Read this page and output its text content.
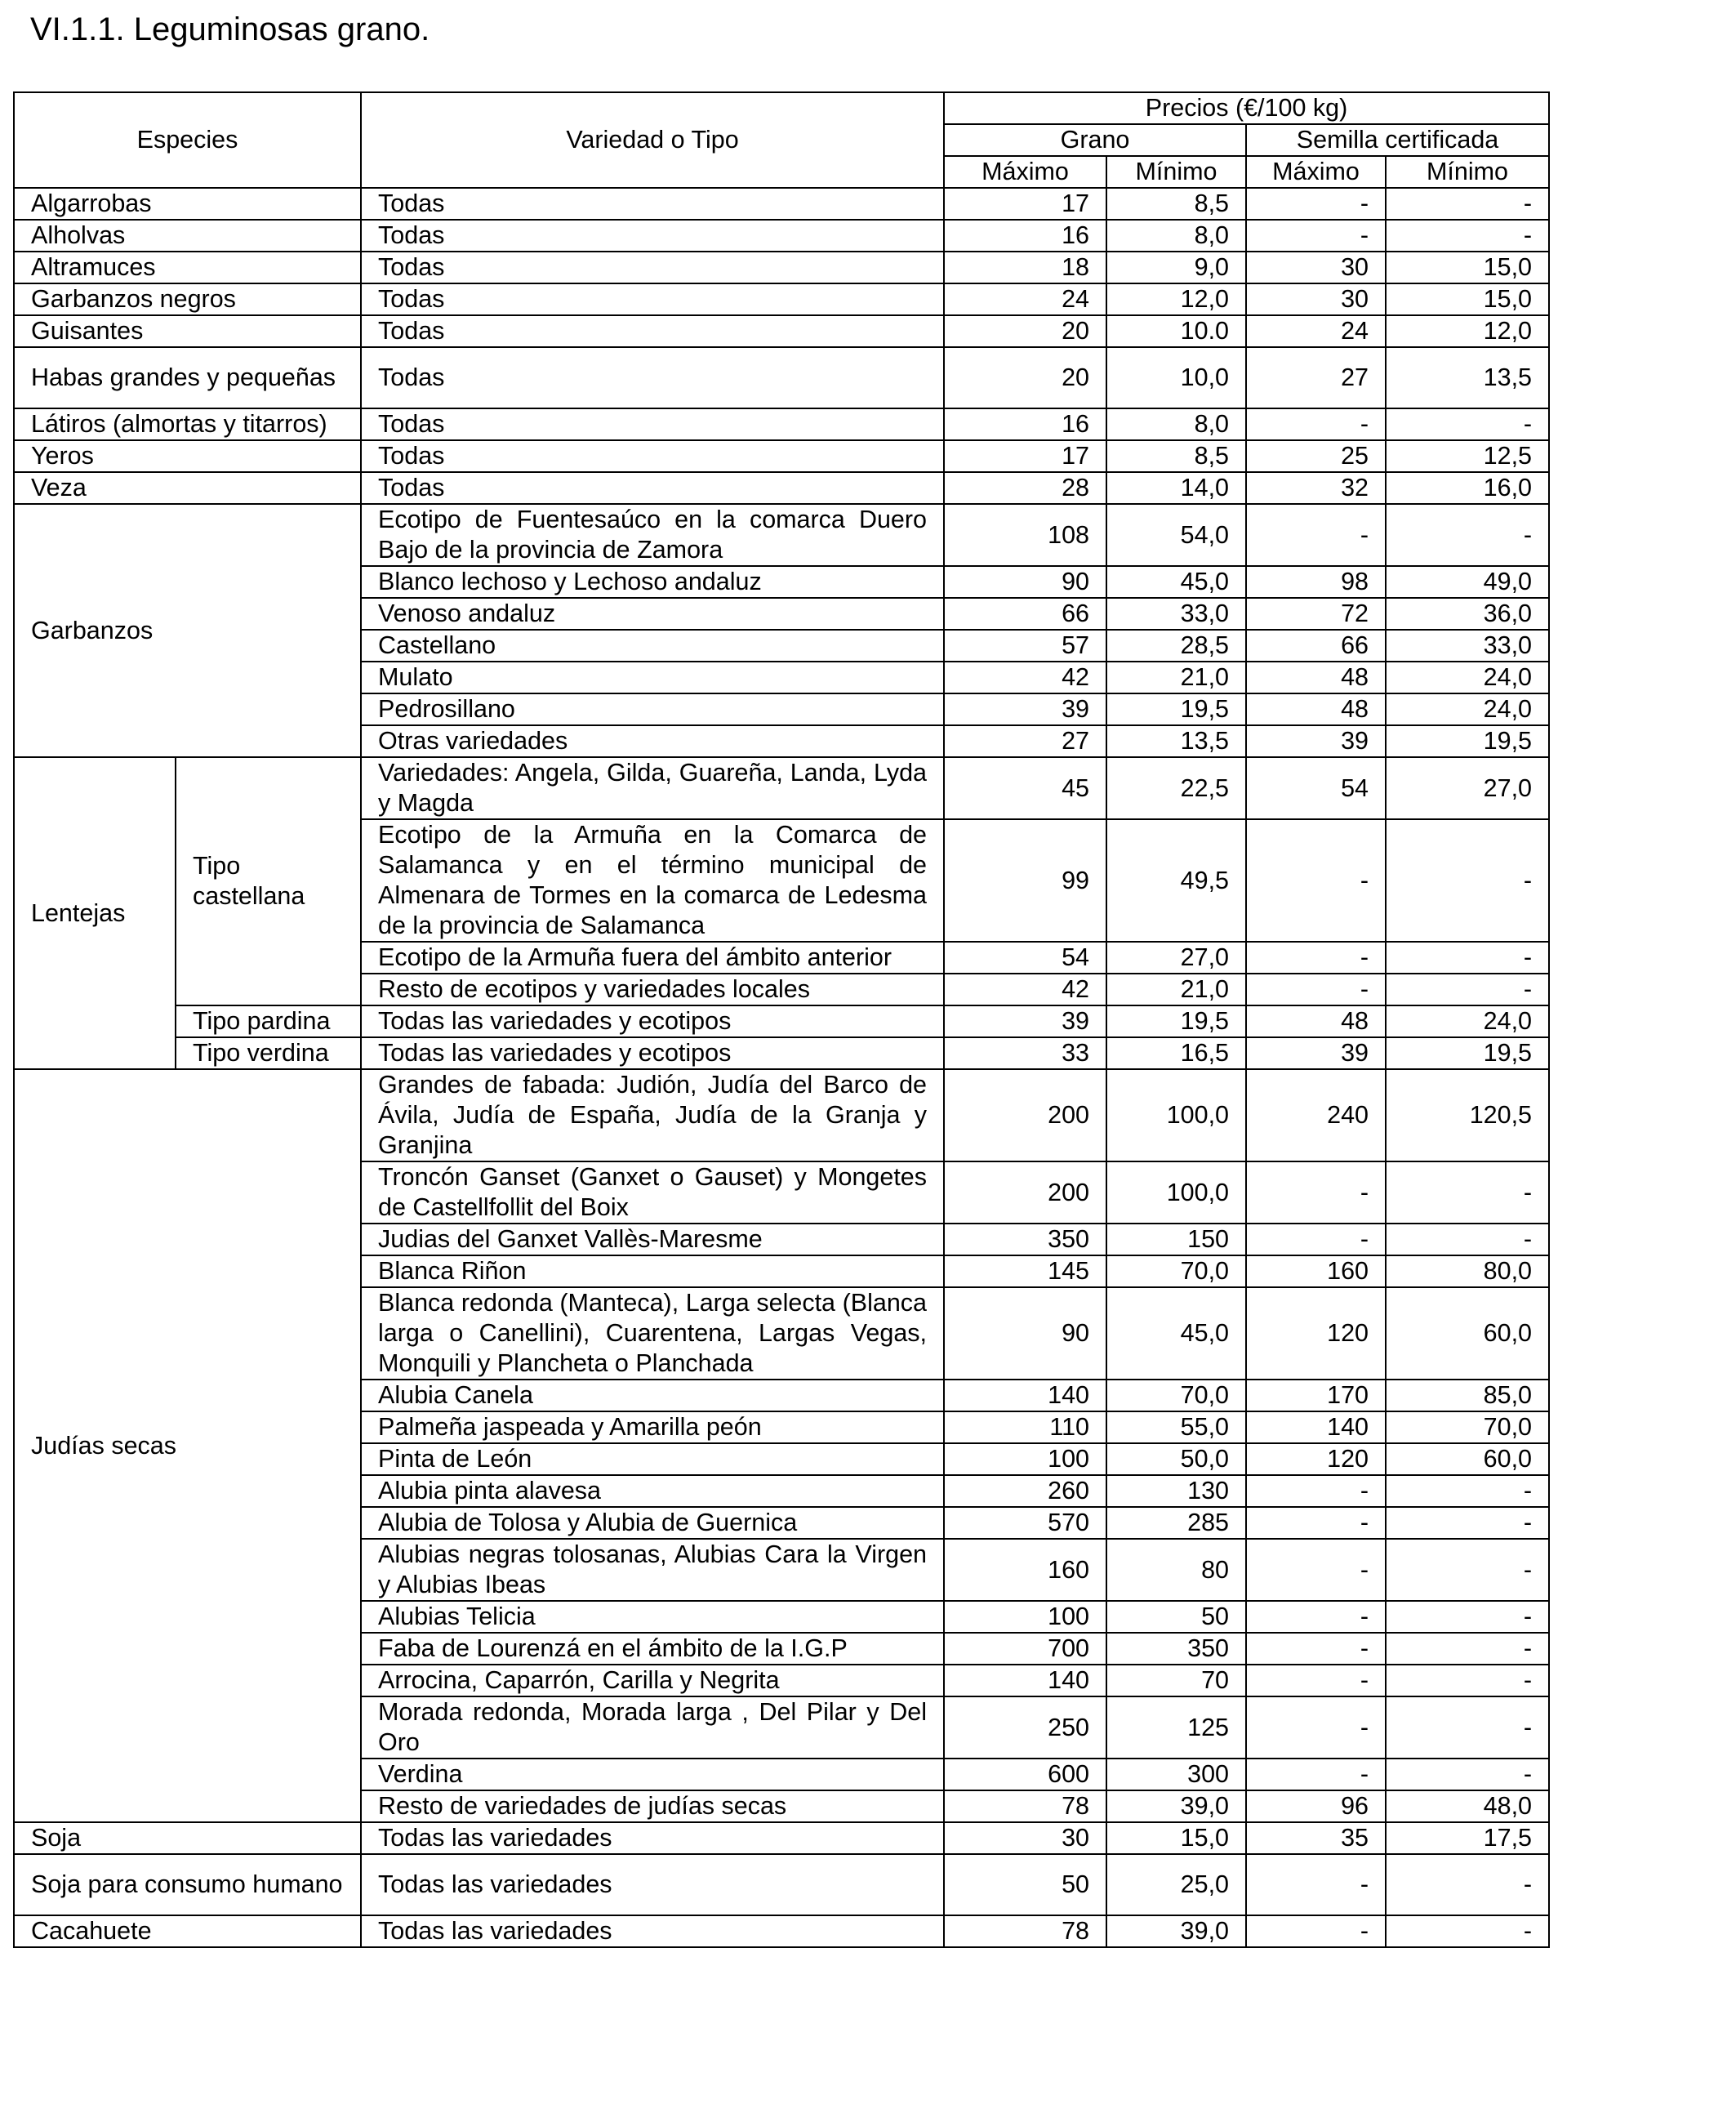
VI.1.1. Leguminosas grano.
Especies		Variedad o Tipo	Precios (€/100 kg)			
			Grano		Semilla certificada	
			Máximo	Mínimo	Máximo	Mínimo
Algarrobas		Todas	17	8,5	-	-
Alholvas		Todas	16	8,0	-	-
Altramuces		Todas	18	9,0	30	15,0
Garbanzos negros		Todas	24	12,0	30	15,0
Guisantes		Todas	20	10.0	24	12,0
Habas grandes y pequeñas		Todas	20	10,0	27	13,5
Látiros (almortas y titarros)		Todas	16	8,0	-	-
Yeros		Todas	17	8,5	25	12,5
Veza		Todas	28	14,0	32	16,0
Garbanzos		Ecotipo de Fuentesaúco en la comarca Duero Bajo de la provincia de Zamora	108	54,0	-	-
		Blanco lechoso y Lechoso andaluz	90	45,0	98	49,0
		Venoso andaluz	66	33,0	72	36,0
		Castellano	57	28,5	66	33,0
		Mulato	42	21,0	48	24,0
		Pedrosillano	39	19,5	48	24,0
		Otras variedades	27	13,5	39	19,5
Lentejas	Tipo castellana	Variedades: Angela, Gilda, Guareña, Landa, Lyda y Magda	45	22,5	54	27,0
		Ecotipo de la Armuña en la Comarca de Salamanca y en el término municipal de Almenara de Tormes en la comarca de Ledesma de la provincia de Salamanca	99	49,5	-	-
		Ecotipo de la Armuña fuera del ámbito anterior	54	27,0	-	-
		Resto de ecotipos y variedades locales	42	21,0	-	-
	Tipo pardina	Todas las variedades y ecotipos	39	19,5	48	24,0
	Tipo verdina	Todas las variedades y ecotipos	33	16,5	39	19,5
Judías secas		Grandes de fabada: Judión, Judía del Barco de Ávila, Judía de España, Judía de la Granja y Granjina	200	100,0	240	120,5
		Troncón Ganset (Ganxet o Gauset) y Mongetes de Castellfollit del Boix	200	100,0	-	-
		Judias del Ganxet Vallès-Maresme	350	150	-	-
		Blanca Riñon	145	70,0	160	80,0
		Blanca redonda (Manteca), Larga selecta (Blanca larga o Canellini), Cuarentena, Largas Vegas, Monquili y Plancheta o Planchada	90	45,0	120	60,0
		Alubia Canela	140	70,0	170	85,0
		Palmeña jaspeada y Amarilla peón	110	55,0	140	70,0
		Pinta de León	100	50,0	120	60,0
		Alubia pinta alavesa	260	130	-	-
		Alubia de Tolosa y Alubia de Guernica	570	285	-	-
		Alubias negras tolosanas, Alubias Cara la Virgen y Alubias Ibeas	160	80	-	-
		Alubias Telicia	100	50	-	-
		Faba de Lourenzá en el ámbito de la I.G.P	700	350	-	-
		Arrocina, Caparrón, Carilla y Negrita	140	70	-	-
		Morada redonda, Morada larga , Del Pilar y Del Oro	250	125	-	-
		Verdina	600	300	-	-
		Resto de variedades de judías secas	78	39,0	96	48,0
Soja		Todas las variedades	30	15,0	35	17,5
Soja para consumo humano		Todas las variedades	50	25,0	-	-
Cacahuete		Todas las variedades	78	39,0	-	-
